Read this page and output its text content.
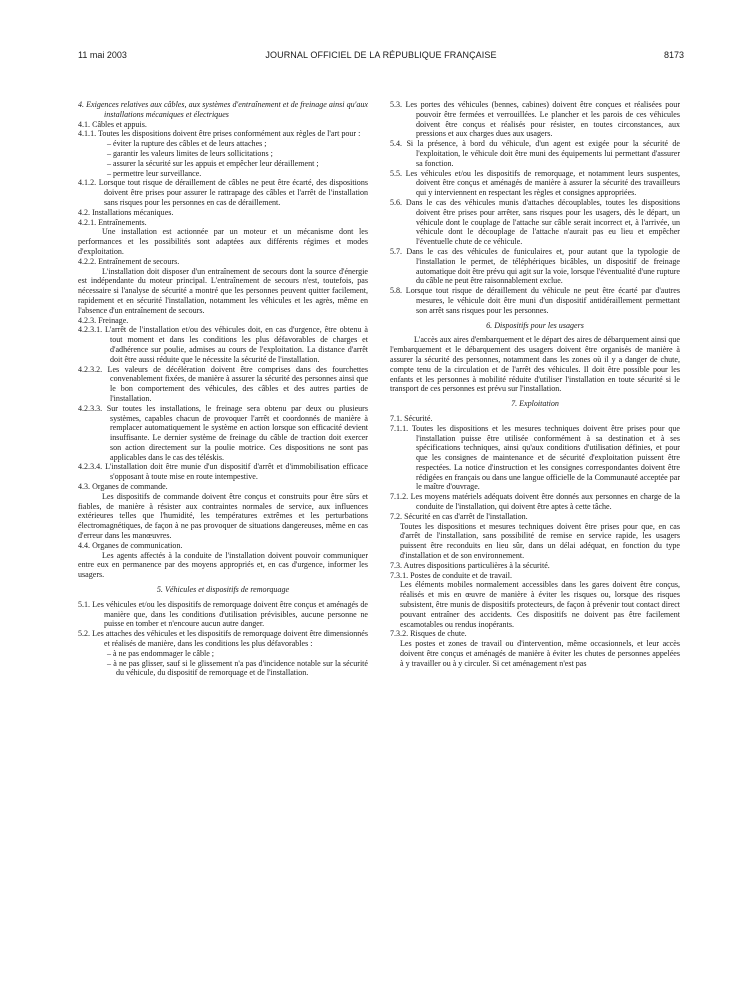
11 mai 2003	JOURNAL OFFICIEL DE LA RÉPUBLIQUE FRANÇAISE	8173

4. Exigences relatives aux câbles, aux systèmes d'entraînement et de freinage ainsi qu'aux installations mécaniques et électriques

4.1. Câbles et appuis.

4.1.1. Toutes les dispositions doivent être prises conformément aux règles de l'art pour :

– éviter la rupture des câbles et de leurs attaches ;

– garantir les valeurs limites de leurs sollicitations ;

– assurer la sécurité sur les appuis et empêcher leur déraillement ;

– permettre leur surveillance.

4.1.2. Lorsque tout risque de déraillement de câbles ne peut être écarté, des dispositions doivent être prises pour assurer le rattrapage des câbles et l'arrêt de l'installation sans risques pour les personnes en cas de déraillement.

4.2. Installations mécaniques.

4.2.1. Entraînements.

Une installation est actionnée par un moteur et un mécanisme dont les performances et les possibilités sont adaptées aux différents régimes et modes d'exploitation.

4.2.2. Entraînement de secours.

L'installation doit disposer d'un entraînement de secours dont la source d'énergie est indépendante du moteur principal. L'entraînement de secours n'est, toutefois, pas nécessaire si l'analyse de sécurité a montré que les personnes peuvent quitter facilement, rapidement et en sécurité l'installation, notamment les véhicules et les agrès, même en l'absence d'un entraînement de secours.

4.2.3. Freinage.

4.2.3.1. L'arrêt de l'installation et/ou des véhicules doit, en cas d'urgence, être obtenu à tout moment et dans les conditions les plus défavorables de charges et d'adhérence sur poulie, admises au cours de l'exploitation. La distance d'arrêt doit être aussi réduite que le nécessite la sécurité de l'installation.

4.2.3.2. Les valeurs de décélération doivent être comprises dans des fourchettes convenablement fixées, de manière à assurer la sécurité des personnes ainsi que le bon comportement des véhicules, des câbles et des autres parties de l'installation.

4.2.3.3. Sur toutes les installations, le freinage sera obtenu par deux ou plusieurs systèmes, capables chacun de provoquer l'arrêt et coordonnés de manière à remplacer automatiquement le système en action lorsque son efficacité devient insuffisante. Le dernier système de freinage du câble de traction doit exercer son action directement sur la poulie motrice. Ces dispositions ne sont pas applicables dans le cas des téléskis.

4.2.3.4. L'installation doit être munie d'un dispositif d'arrêt et d'immobilisation efficace s'opposant à toute mise en route intempestive.

4.3. Organes de commande.

Les dispositifs de commande doivent être conçus et construits pour être sûrs et fiables, de manière à résister aux contraintes normales de service, aux influences extérieures telles que l'humidité, les températures extrêmes et les perturbations électromagnétiques, de façon à ne pas provoquer de situations dangereuses, même en cas d'erreur dans les manœuvres.

4.4. Organes de communication.

Les agents affectés à la conduite de l'installation doivent pouvoir communiquer entre eux en permanence par des moyens appropriés et, en cas d'urgence, informer les usagers.

5. Véhicules et dispositifs de remorquage

5.1. Les véhicules et/ou les dispositifs de remorquage doivent être conçus et aménagés de manière que, dans les conditions d'utilisation prévisibles, aucune personne ne puisse en tomber et n'encoure aucun autre danger.

5.2. Les attaches des véhicules et les dispositifs de remorquage doivent être dimensionnés et réalisés de manière, dans les conditions les plus défavorables :

– à ne pas endommager le câble ;

– à ne pas glisser, sauf si le glissement n'a pas d'incidence notable sur la sécurité du véhicule, du dispositif de remorquage et de l'installation.

5.3. Les portes des véhicules (bennes, cabines) doivent être conçues et réalisées pour pouvoir être fermées et verrouillées. Le plancher et les parois de ces véhicules doivent être conçus et réalisés pour résister, en toutes circonstances, aux pressions et aux charges dues aux usagers.

5.4. Si la présence, à bord du véhicule, d'un agent est exigée pour la sécurité de l'exploitation, le véhicule doit être muni des équipements lui permettant d'assurer sa fonction.

5.5. Les véhicules et/ou les dispositifs de remorquage, et notamment leurs suspentes, doivent être conçus et aménagés de manière à assurer la sécurité des travailleurs qui y interviennent en respectant les règles et consignes appropriées.

5.6. Dans le cas des véhicules munis d'attaches découplables, toutes les dispositions doivent être prises pour arrêter, sans risques pour les usagers, dès le départ, un véhicule dont le couplage de l'attache sur câble serait incorrect et, à l'arrivée, un véhicule dont le découplage de l'attache n'aurait pas eu lieu et empêcher l'éventuelle chute de ce véhicule.

5.7. Dans le cas des véhicules de funiculaires et, pour autant que la typologie de l'installation le permet, de téléphériques bicâbles, un dispositif de freinage automatique doit être prévu qui agit sur la voie, lorsque l'éventualité d'une rupture du câble ne peut être raisonnablement exclue.

5.8. Lorsque tout risque de déraillement du véhicule ne peut être écarté par d'autres mesures, le véhicule doit être muni d'un dispositif antidéraillement permettant son arrêt sans risques pour les personnes.

6. Dispositifs pour les usagers

L'accès aux aires d'embarquement et le départ des aires de débarquement ainsi que l'embarquement et le débarquement des usagers doivent être organisés de manière à assurer la sécurité des personnes, notamment dans les zones où il y a danger de chute, compte tenu de la circulation et de l'arrêt des véhicules. Il doit être possible pour les enfants et les personnes à mobilité réduite d'utiliser l'installation en toute sécurité si le transport de ces personnes est prévu sur l'installation.

7. Exploitation

7.1. Sécurité.

7.1.1. Toutes les dispositions et les mesures techniques doivent être prises pour que l'installation puisse être utilisée conformément à sa destination et à ses spécifications techniques, ainsi qu'aux conditions d'utilisation définies, et pour que les consignes de maintenance et de sécurité d'exploitation puissent être respectées. La notice d'instruction et les consignes correspondantes doivent être rédigées en français ou dans une langue officielle de la Communauté acceptée par le maître d'ouvrage.

7.1.2. Les moyens matériels adéquats doivent être donnés aux personnes en charge de la conduite de l'installation, qui doivent être aptes à cette tâche.

7.2. Sécurité en cas d'arrêt de l'installation.

Toutes les dispositions et mesures techniques doivent être prises pour que, en cas d'arrêt de l'installation, sans possibilité de remise en service rapide, les usagers puissent être reconduits en lieu sûr, dans un délai adéquat, en fonction du type d'installation et de son environnement.

7.3. Autres dispositions particulières à la sécurité.

7.3.1. Postes de conduite et de travail.

Les éléments mobiles normalement accessibles dans les gares doivent être conçus, réalisés et mis en œuvre de manière à éviter les risques ou, lorsque des risques subsistent, être munis de dispositifs protecteurs, de façon à prévenir tout contact direct pouvant entraîner des accidents. Ces dispositifs ne doivent pas être facilement escamotables ou rendus inopérants.

7.3.2. Risques de chute.

Les postes et zones de travail ou d'intervention, même occasionnels, et leur accès doivent être conçus et aménagés de manière à éviter les chutes de personnes appelées à y travailler ou à y circuler. Si cet aménagement n'est pas
